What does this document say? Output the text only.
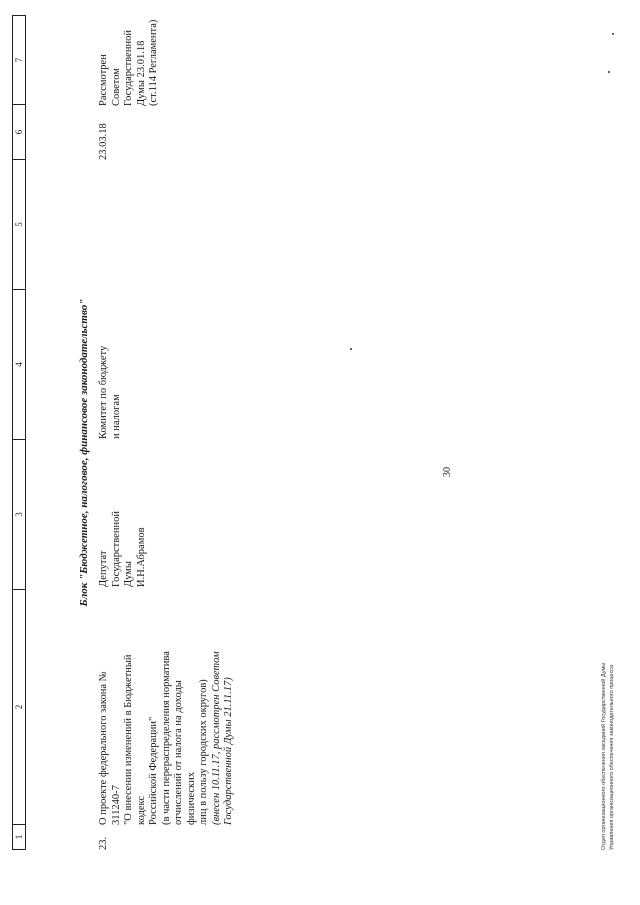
30
1
2
3
4
5
6
7
Блок "Бюджетное, налоговое, финансовое законодательство"
23.
О проекте федерального закона № 311240-7 "О внесении изменений в Бюджетный кодекс Российской Федерации" (в части перераспределения норматива отчислений от налога на доходы физических лиц в пользу городских округов) (внесен 10.11.17, рассмотрен Советом Государственной Думы 21.11.17)
Депутат Государственной Думы И.Н.Абрамов
Комитет по бюджету и налогам
23.03.18
Рассмотрен Советом Государственной Думы 23.01.18 (ст.114 Регламента)
Отдел организационного обеспечения заседаний Государственной Думы Управления организационного обеспечения законодательного процесса
